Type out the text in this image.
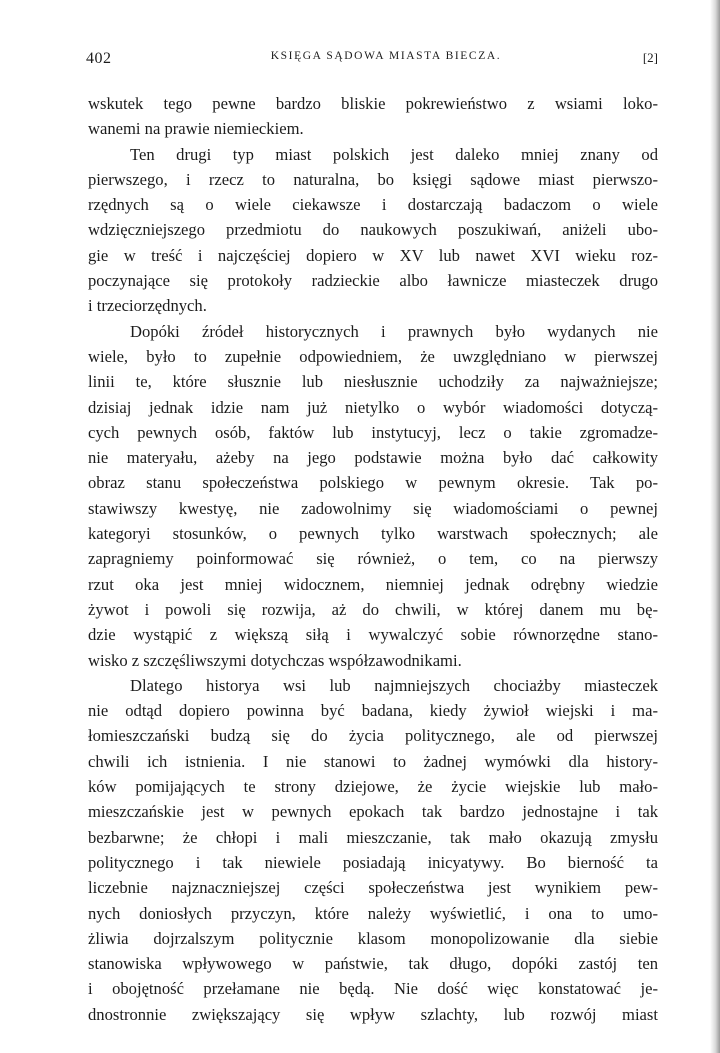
402	KSIĘGA SĄDOWA MIASTA BIECZA.	[2]
wskutek tego pewne bardzo bliskie pokrewieństwo z wsiami loko-
wanemi na prawie niemieckiem.
Ten drugi typ miast polskich jest daleko mniej znany od
pierwszego, i rzecz to naturalna, bo księgi sądowe miast pierwszo-
rzędnych są o wiele ciekawsze i dostarczają badaczom o wiele
wdzięczniejszego przedmiotu do naukowych poszukiwań, aniżeli ubo-
gie w treść i najczęściej dopiero w XV lub nawet XVI wieku roz-
poczynające się protokoły radzieckie albo ławnicze miasteczek drugo
i trzeciorzędnych.
Dopóki źródeł historycznych i prawnych było wydanych nie
wiele, było to zupełnie odpowiedniem, że uwzględniano w pierwszej
linii te, które słusznie lub niesłusznie uchodziły za najważniejsze;
dzisiaj jednak idzie nam już nietylko o wybór wiadomości dotyczą-
cych pewnych osób, faktów lub instytucyj, lecz o takie zgromadze-
nie materyału, ażeby na jego podstawie można było dać całkowity
obraz stanu społeczeństwa polskiego w pewnym okresie. Tak po-
stawiwszy kwestyę, nie zadowolnimy się wiadomościami o pewnej
kategoryi stosunków, o pewnych tylko warstwach społecznych; ale
zapragniemy poinformować się również, o tem, co na pierwszy
rzut oka jest mniej widocznem, niemniej jednak odrębny wiedzie
żywot i powoli się rozwija, aż do chwili, w której danem mu bę-
dzie wystąpić z większą siłą i wywalczyć sobie równorzędne stano-
wisko z szczęśliwszymi dotychczas współzawodnikami.
Dlatego historya wsi lub najmniejszych chociażby miasteczek
nie odtąd dopiero powinna być badana, kiedy żywioł wiejski i ma-
łomieszczański budzą się do życia politycznego, ale od pierwszej
chwili ich istnienia. I nie stanowi to żadnej wymówki dla history-
ków pomijających te strony dziejowe, że życie wiejskie lub mało-
mieszczańskie jest w pewnych epokach tak bardzo jednostajne i tak
bezbarwne; że chłopi i mali mieszczanie, tak mało okazują zmysłu
politycznego i tak niewiele posiadają inicyatywy. Bo bierność ta
liczebnie najznaczniejszej części społeczeństwa jest wynikiem pew-
nych doniosłych przyczyn, które należy wyświetlić, i ona to umo-
żliwia dojrzalszym politycznie klasom monopolizowanie dla siebie
stanowiska wpływowego w państwie, tak długo, dopóki zastój ten
i obojętność przełamane nie będą. Nie dość więc konstatować je-
dnostronnie zwiększający się wpływ szlachty, lub rozwój miast
